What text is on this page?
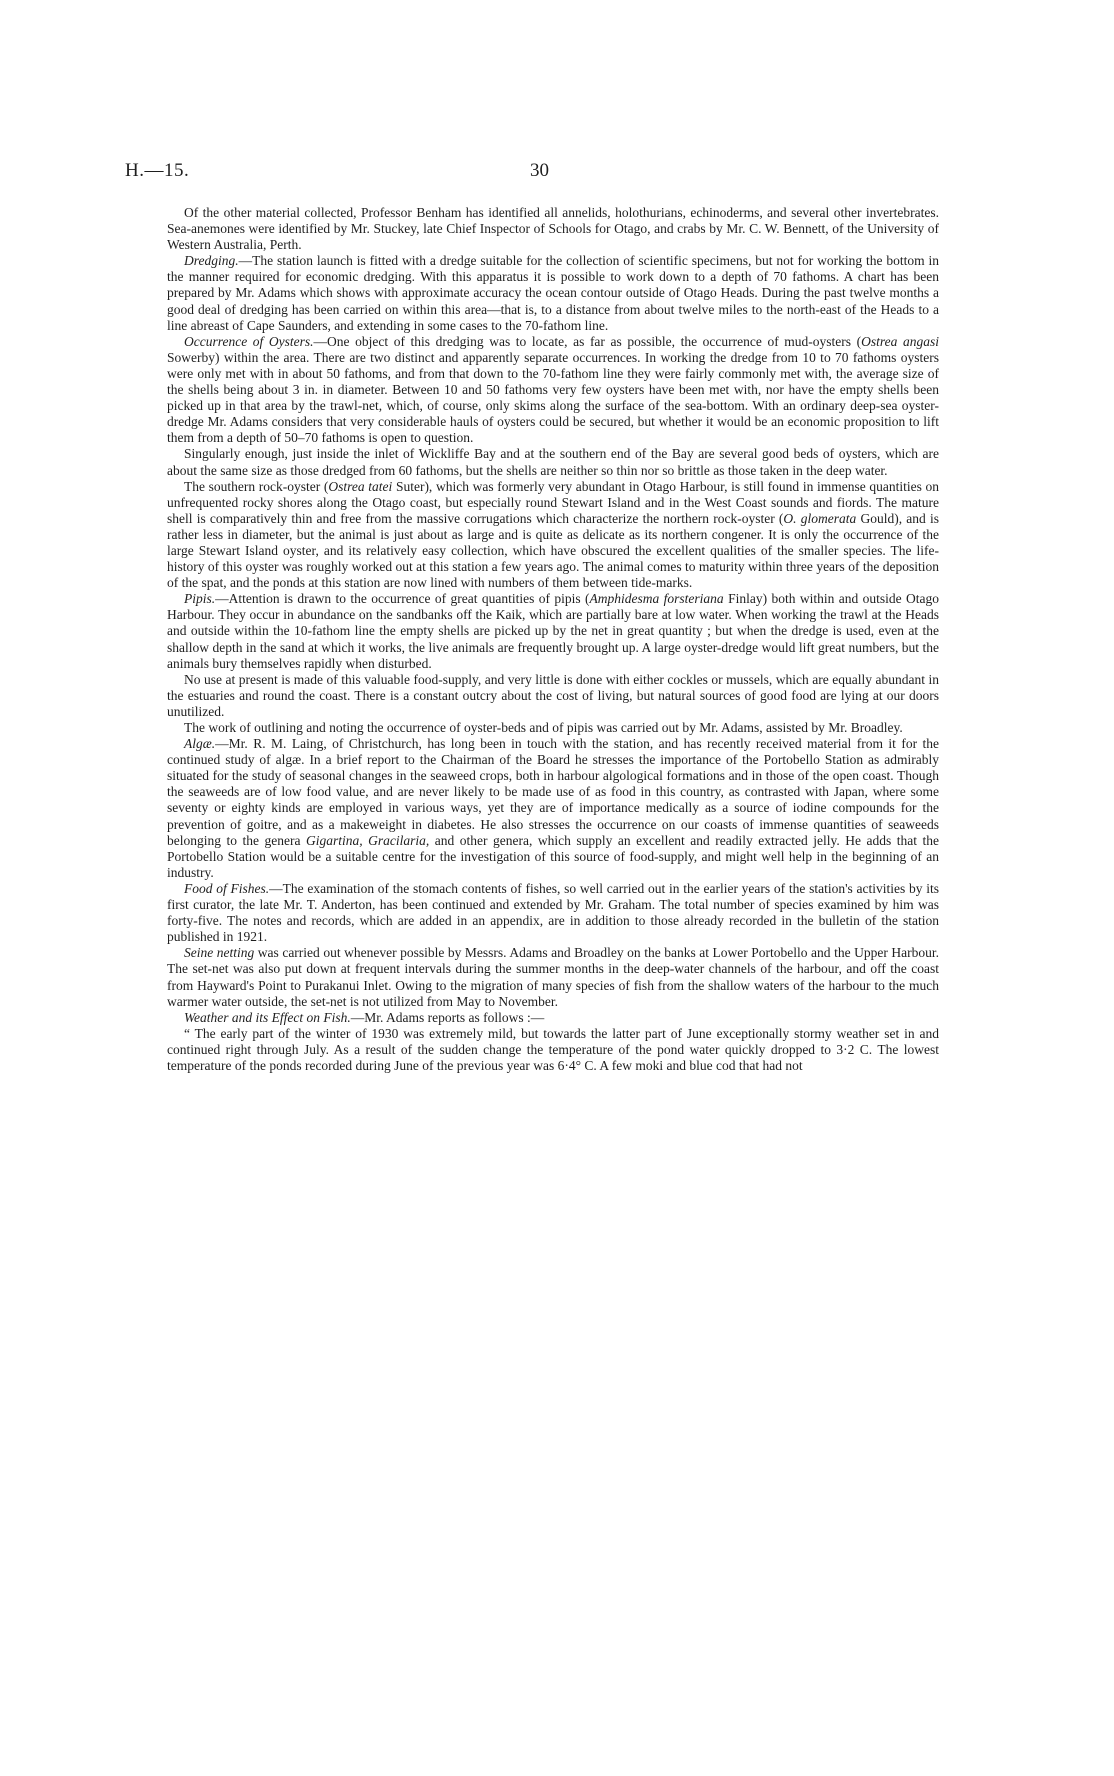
H.—15.	30

Of the other material collected, Professor Benham has identified all annelids, holothurians, echinoderms, and several other invertebrates. Sea-anemones were identified by Mr. Stuckey, late Chief Inspector of Schools for Otago, and crabs by Mr. C. W. Bennett, of the University of Western Australia, Perth.

Dredging.—The station launch is fitted with a dredge suitable for the collection of scientific specimens, but not for working the bottom in the manner required for economic dredging. With this apparatus it is possible to work down to a depth of 70 fathoms. A chart has been prepared by Mr. Adams which shows with approximate accuracy the ocean contour outside of Otago Heads. During the past twelve months a good deal of dredging has been carried on within this area—that is, to a distance from about twelve miles to the north-east of the Heads to a line abreast of Cape Saunders, and extending in some cases to the 70-fathom line.

Occurrence of Oysters.—One object of this dredging was to locate, as far as possible, the occurrence of mud-oysters (Ostrea angasi Sowerby) within the area. There are two distinct and apparently separate occurrences. In working the dredge from 10 to 70 fathoms oysters were only met with in about 50 fathoms, and from that down to the 70-fathom line they were fairly commonly met with, the average size of the shells being about 3 in. in diameter. Between 10 and 50 fathoms very few oysters have been met with, nor have the empty shells been picked up in that area by the trawl-net, which, of course, only skims along the surface of the sea-bottom. With an ordinary deep-sea oyster-dredge Mr. Adams considers that very considerable hauls of oysters could be secured, but whether it would be an economic proposition to lift them from a depth of 50–70 fathoms is open to question.

Singularly enough, just inside the inlet of Wickliffe Bay and at the southern end of the Bay are several good beds of oysters, which are about the same size as those dredged from 60 fathoms, but the shells are neither so thin nor so brittle as those taken in the deep water.

The southern rock-oyster (Ostrea tatei Suter), which was formerly very abundant in Otago Harbour, is still found in immense quantities on unfrequented rocky shores along the Otago coast, but especially round Stewart Island and in the West Coast sounds and fiords. The mature shell is comparatively thin and free from the massive corrugations which characterize the northern rock-oyster (O. glomerata Gould), and is rather less in diameter, but the animal is just about as large and is quite as delicate as its northern congener. It is only the occurrence of the large Stewart Island oyster, and its relatively easy collection, which have obscured the excellent qualities of the smaller species. The life-history of this oyster was roughly worked out at this station a few years ago. The animal comes to maturity within three years of the deposition of the spat, and the ponds at this station are now lined with numbers of them between tide-marks.

Pipis.—Attention is drawn to the occurrence of great quantities of pipis (Amphidesma forsteriana Finlay) both within and outside Otago Harbour. They occur in abundance on the sandbanks off the Kaik, which are partially bare at low water. When working the trawl at the Heads and outside within the 10-fathom line the empty shells are picked up by the net in great quantity ; but when the dredge is used, even at the shallow depth in the sand at which it works, the live animals are frequently brought up. A large oyster-dredge would lift great numbers, but the animals bury themselves rapidly when disturbed.

No use at present is made of this valuable food-supply, and very little is done with either cockles or mussels, which are equally abundant in the estuaries and round the coast. There is a constant outcry about the cost of living, but natural sources of good food are lying at our doors unutilized.

The work of outlining and noting the occurrence of oyster-beds and of pipis was carried out by Mr. Adams, assisted by Mr. Broadley.

Algæ.—Mr. R. M. Laing, of Christchurch, has long been in touch with the station, and has recently received material from it for the continued study of algæ. In a brief report to the Chairman of the Board he stresses the importance of the Portobello Station as admirably situated for the study of seasonal changes in the seaweed crops, both in harbour algological formations and in those of the open coast. Though the seaweeds are of low food value, and are never likely to be made use of as food in this country, as contrasted with Japan, where some seventy or eighty kinds are employed in various ways, yet they are of importance medically as a source of iodine compounds for the prevention of goitre, and as a makeweight in diabetes. He also stresses the occurrence on our coasts of immense quantities of seaweeds belonging to the genera Gigartina, Gracilaria, and other genera, which supply an excellent and readily extracted jelly. He adds that the Portobello Station would be a suitable centre for the investigation of this source of food-supply, and might well help in the beginning of an industry.

Food of Fishes.—The examination of the stomach contents of fishes, so well carried out in the earlier years of the station's activities by its first curator, the late Mr. T. Anderton, has been continued and extended by Mr. Graham. The total number of species examined by him was forty-five. The notes and records, which are added in an appendix, are in addition to those already recorded in the bulletin of the station published in 1921.

Seine netting was carried out whenever possible by Messrs. Adams and Broadley on the banks at Lower Portobello and the Upper Harbour. The set-net was also put down at frequent intervals during the summer months in the deep-water channels of the harbour, and off the coast from Hayward's Point to Purakanui Inlet. Owing to the migration of many species of fish from the shallow waters of the harbour to the much warmer water outside, the set-net is not utilized from May to November.

Weather and its Effect on Fish.—Mr. Adams reports as follows :—

“ The early part of the winter of 1930 was extremely mild, but towards the latter part of June exceptionally stormy weather set in and continued right through July. As a result of the sudden change the temperature of the pond water quickly dropped to 3·2 C. The lowest temperature of the ponds recorded during June of the previous year was 6·4° C. A few moki and blue cod that had not
